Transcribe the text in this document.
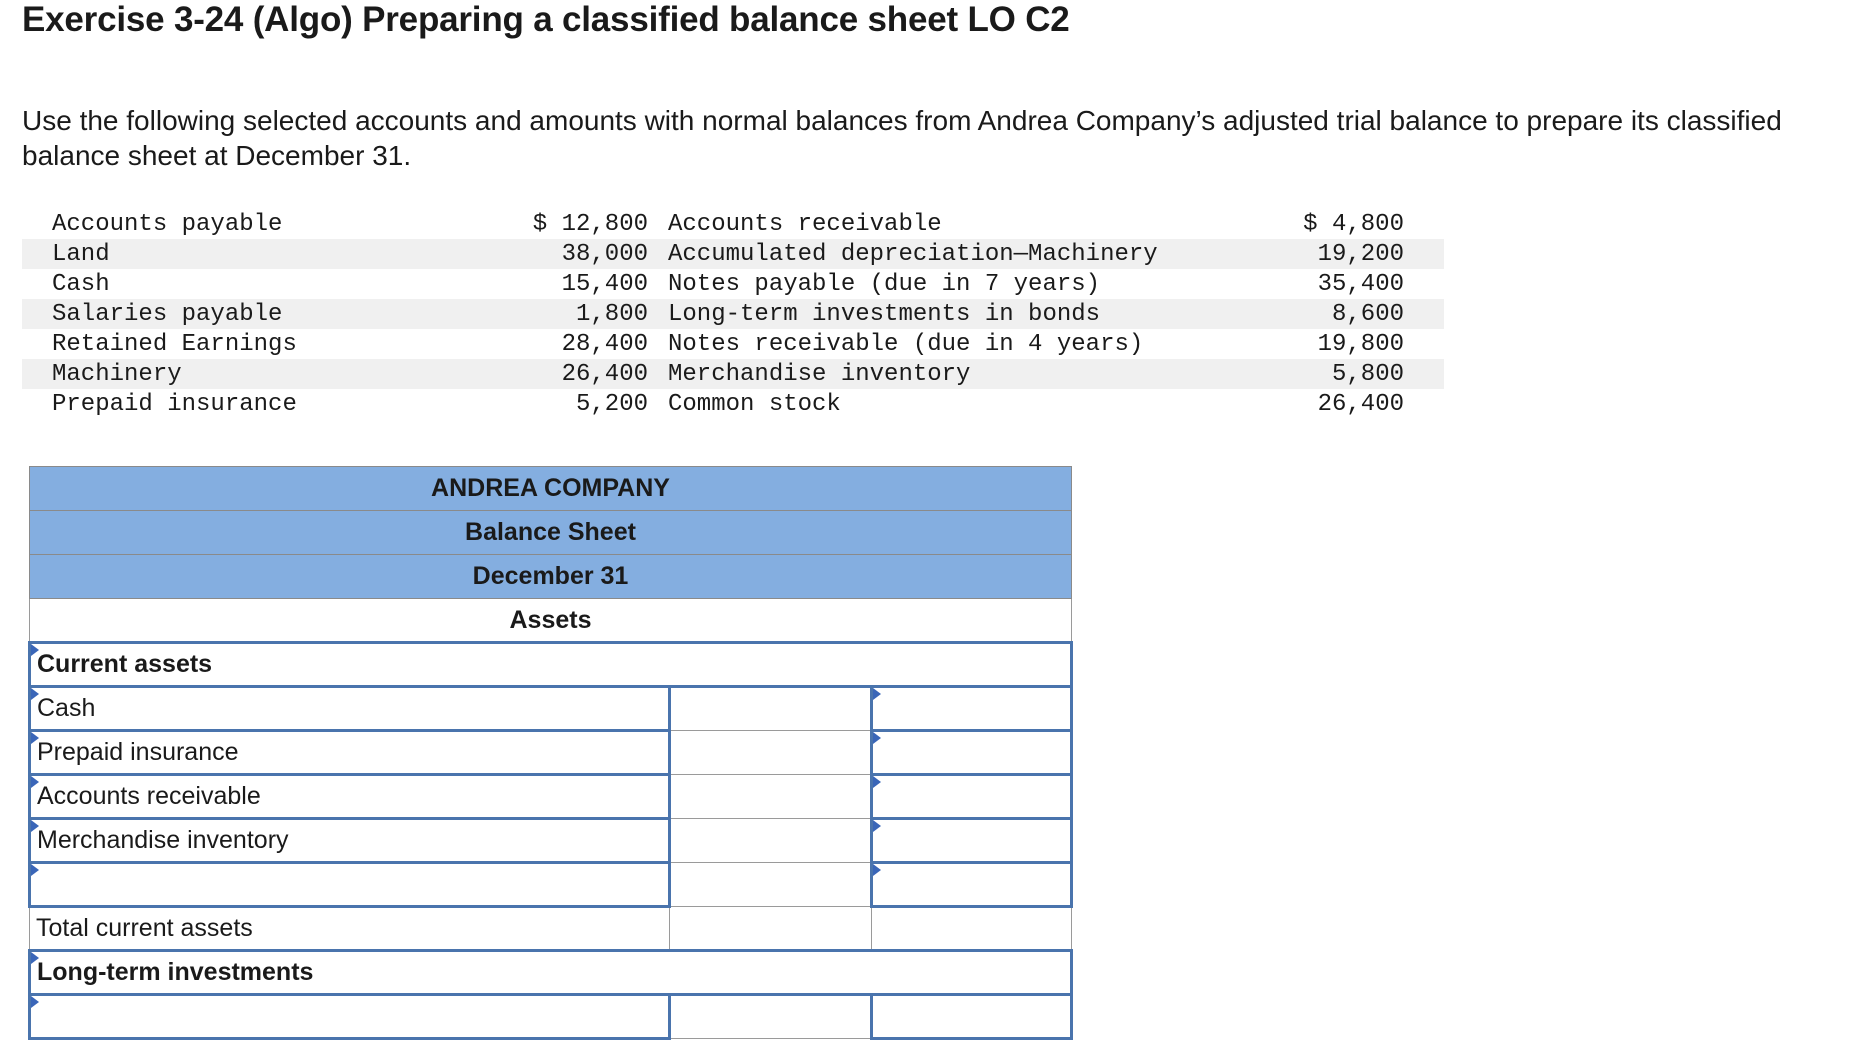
Exercise 3-24 (Algo) Preparing a classified balance sheet LO C2

Use the following selected accounts and amounts with normal balances from Andrea Company’s adjusted trial balance to prepare its classified balance sheet at December 31.

Accounts payable	$ 12,800	Accounts receivable	$ 4,800
Land	38,000	Accumulated depreciation—Machinery	19,200
Cash	15,400	Notes payable (due in 7 years)	35,400
Salaries payable	1,800	Long-term investments in bonds	8,600
Retained Earnings	28,400	Notes receivable (due in 4 years)	19,800
Machinery	26,400	Merchandise inventory	5,800
Prepaid insurance	5,200	Common stock	26,400
ANDREA COMPANY		
Balance Sheet		
December 31		
Assets		

Current assets		

Cash		

Prepaid insurance		

Accounts receivable		

Merchandise inventory		

Total current assets		

Long-term investments		
